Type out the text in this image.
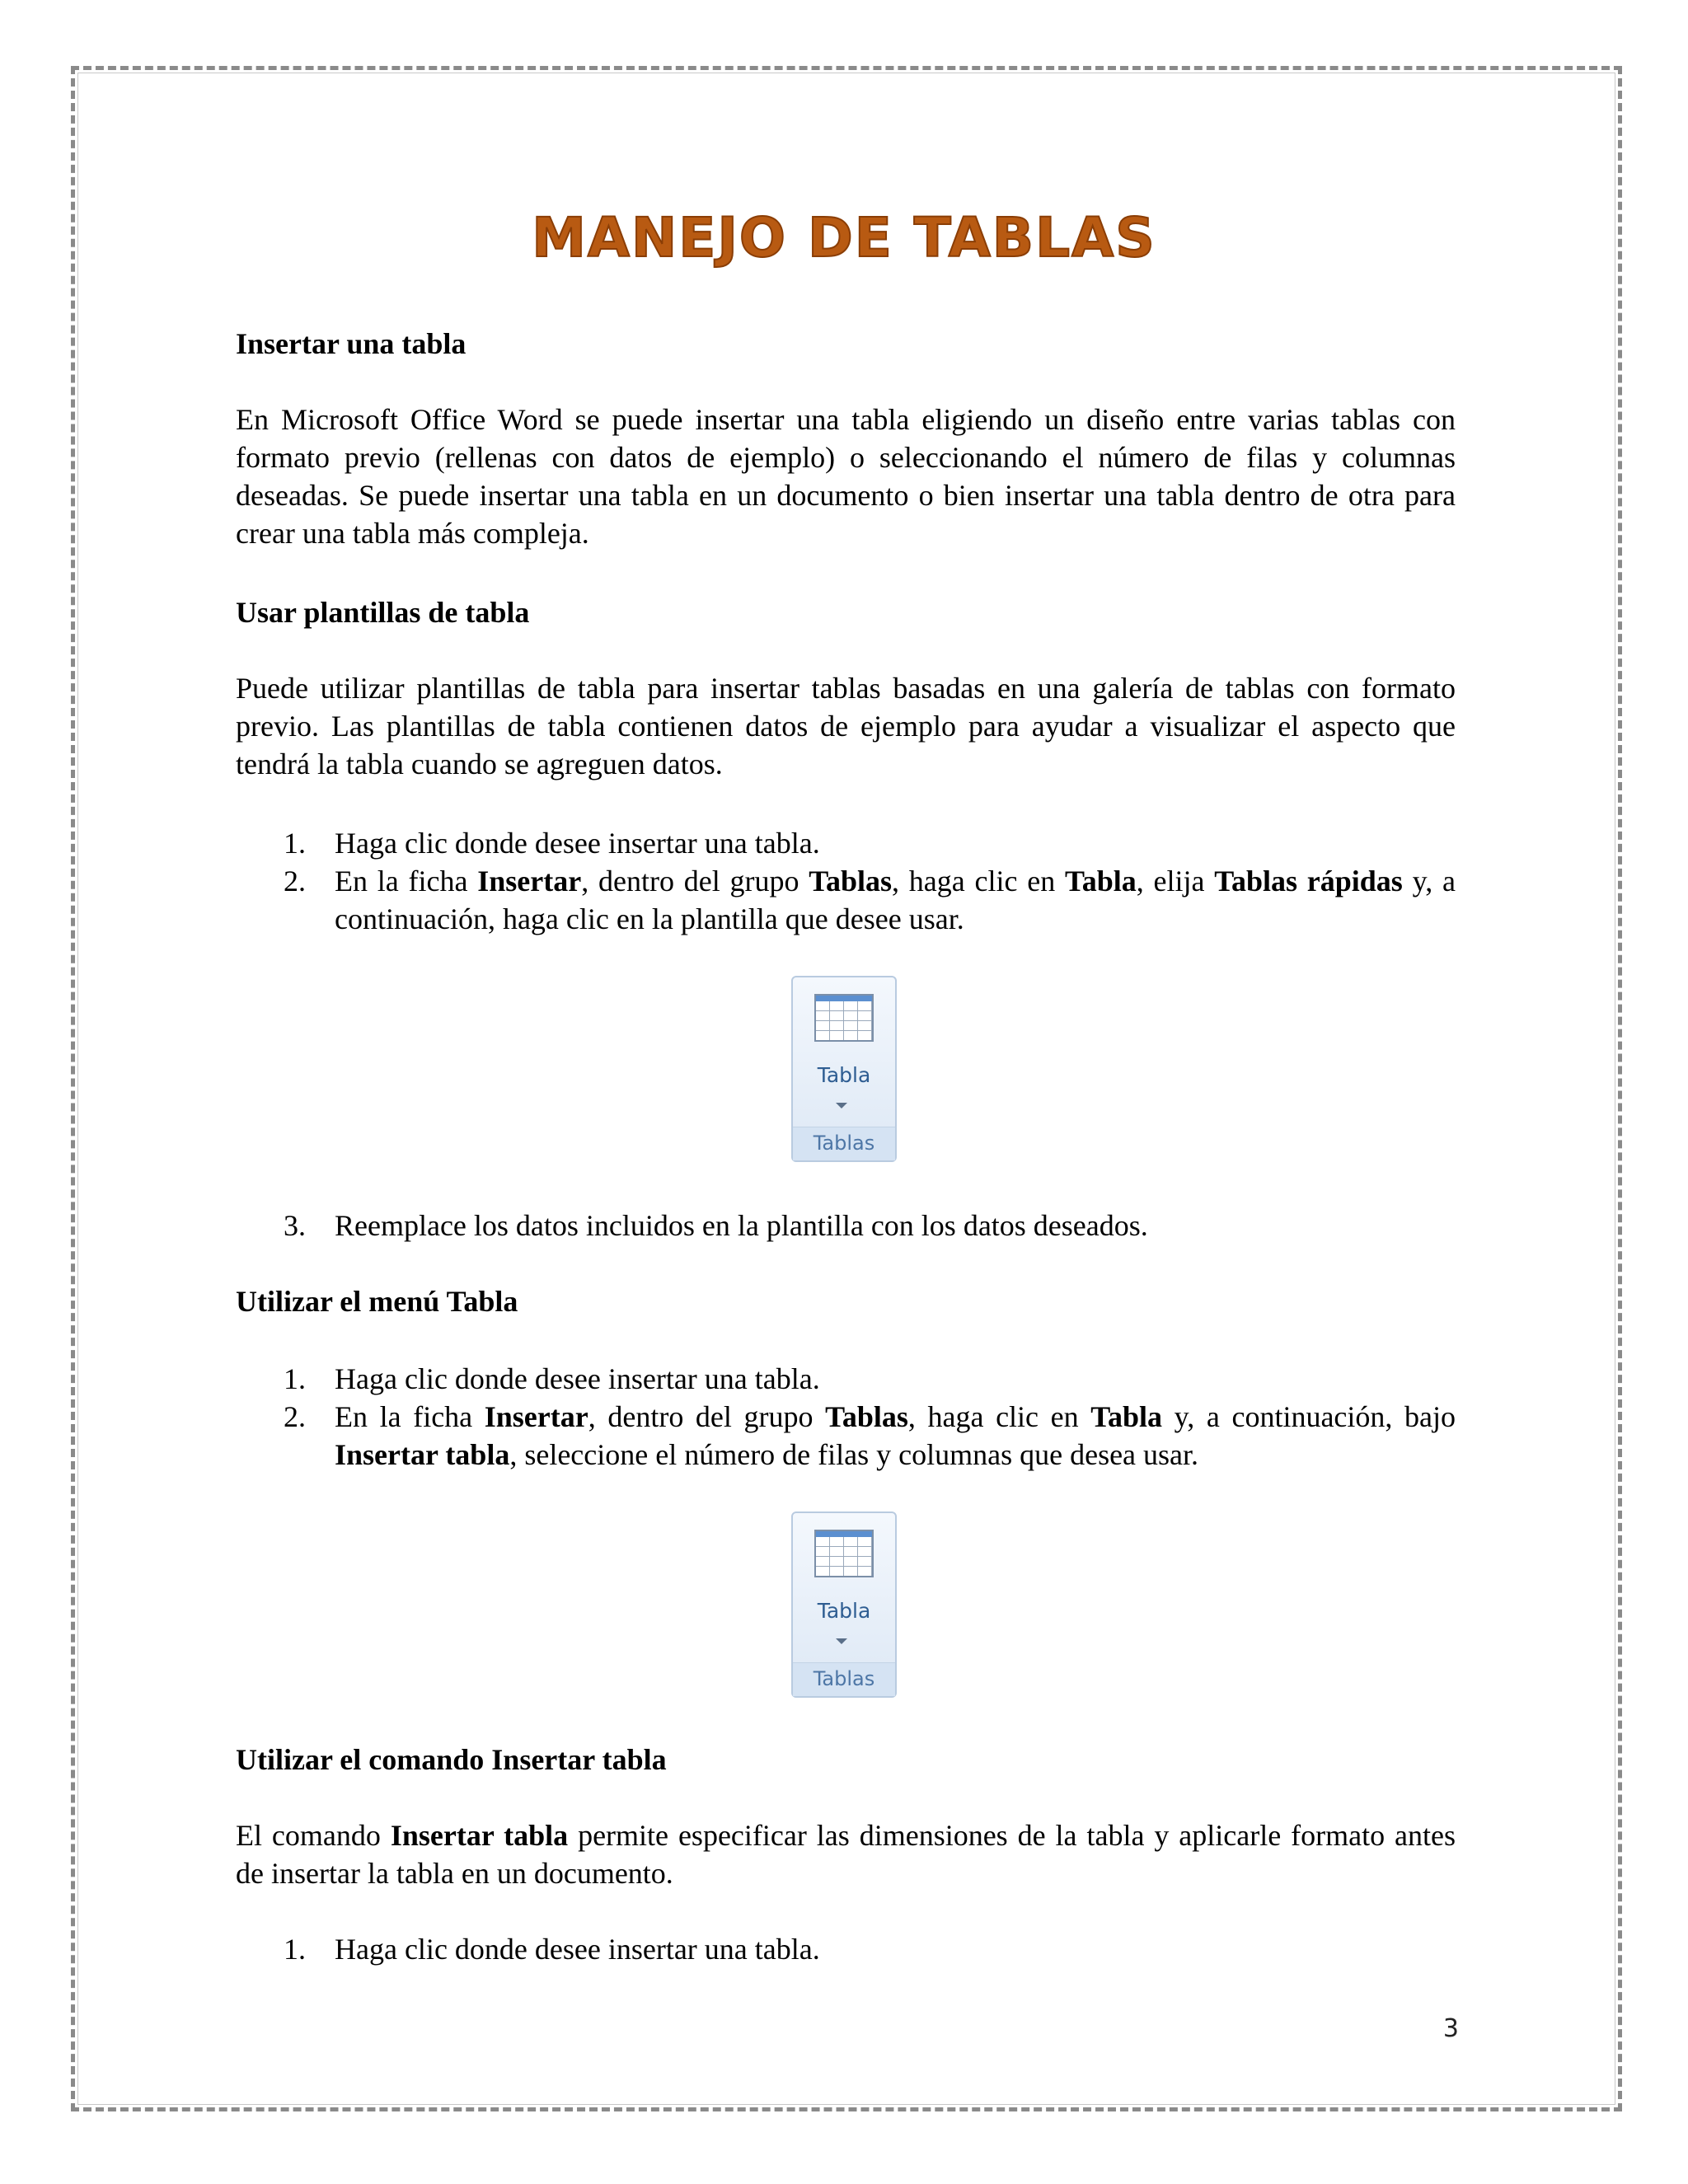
MANEJO DE TABLAS
Insertar una tabla
En Microsoft Office Word se puede insertar una tabla eligiendo un diseño entre varias tablas con formato previo (rellenas con datos de ejemplo) o seleccionando el número de filas y columnas deseadas. Se puede insertar una tabla en un documento o bien insertar una tabla dentro de otra para crear una tabla más compleja.
Usar plantillas de tabla
Puede utilizar plantillas de tabla para insertar tablas basadas en una galería de tablas con formato previo. Las plantillas de tabla contienen datos de ejemplo para ayudar a visualizar el aspecto que tendrá la tabla cuando se agreguen datos.
1. Haga clic donde desee insertar una tabla.
2. En la ficha Insertar, dentro del grupo Tablas, haga clic en Tabla, elija Tablas rápidas y, a continuación, haga clic en la plantilla que desee usar.
Tabla
Tablas
3. Reemplace los datos incluidos en la plantilla con los datos deseados.
Utilizar el menú Tabla
1. Haga clic donde desee insertar una tabla.
2. En la ficha Insertar, dentro del grupo Tablas, haga clic en Tabla y, a continuación, bajo Insertar tabla, seleccione el número de filas y columnas que desea usar.
Tabla
Tablas
Utilizar el comando Insertar tabla
El comando Insertar tabla permite especificar las dimensiones de la tabla y aplicarle formato antes de insertar la tabla en un documento.
1. Haga clic donde desee insertar una tabla.
3
